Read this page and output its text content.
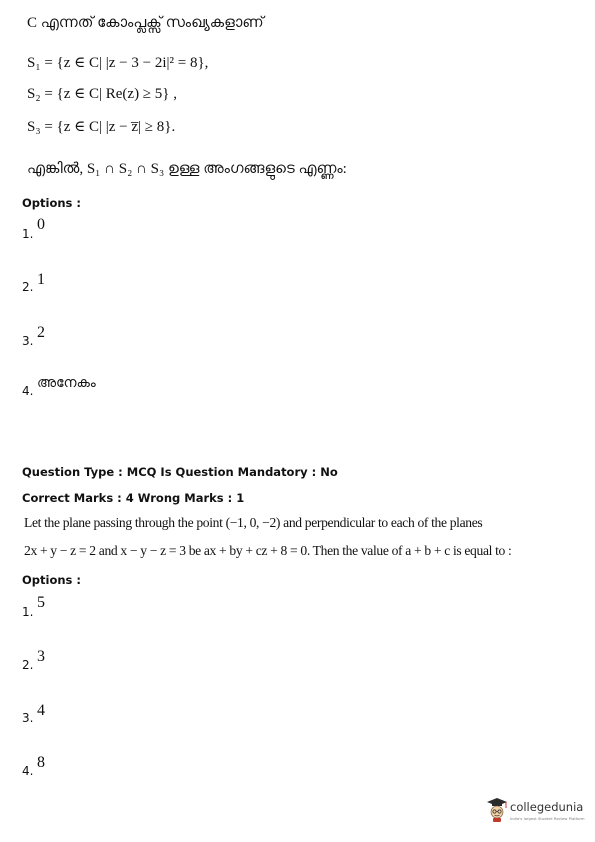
C എന്നത് കോംപ്ലക്സ് സംഖ്യകളാണ്
S₁ = {z ∈ C| |z − 3 − 2i|² = 8},
S₂ = {z ∈ C| Re(z) ≥ 5} ,
S₃ = {z ∈ C| |z − z̅| ≥ 8}.
എങ്കിൽ, S₁ ∩ S₂ ∩ S₃ ഉള്ള അംഗങ്ങളുടെ എണ്ണം:
Options :
1.
0
2. 1
3. 2
4. അനേകം
Question Type : MCQ Is Question Mandatory : No
Correct Marks : 4 Wrong Marks : 1
Let the plane passing through the point (−1, 0, −2) and perpendicular to each of the planes
2x + y − z = 2 and x − y − z = 3 be ax + by + cz + 8 = 0. Then the value of a + b + c is equal to :
Options :
1.
5
2. 3
3. 4
4. 8
collegedunia
India's largest Student Review Platform
